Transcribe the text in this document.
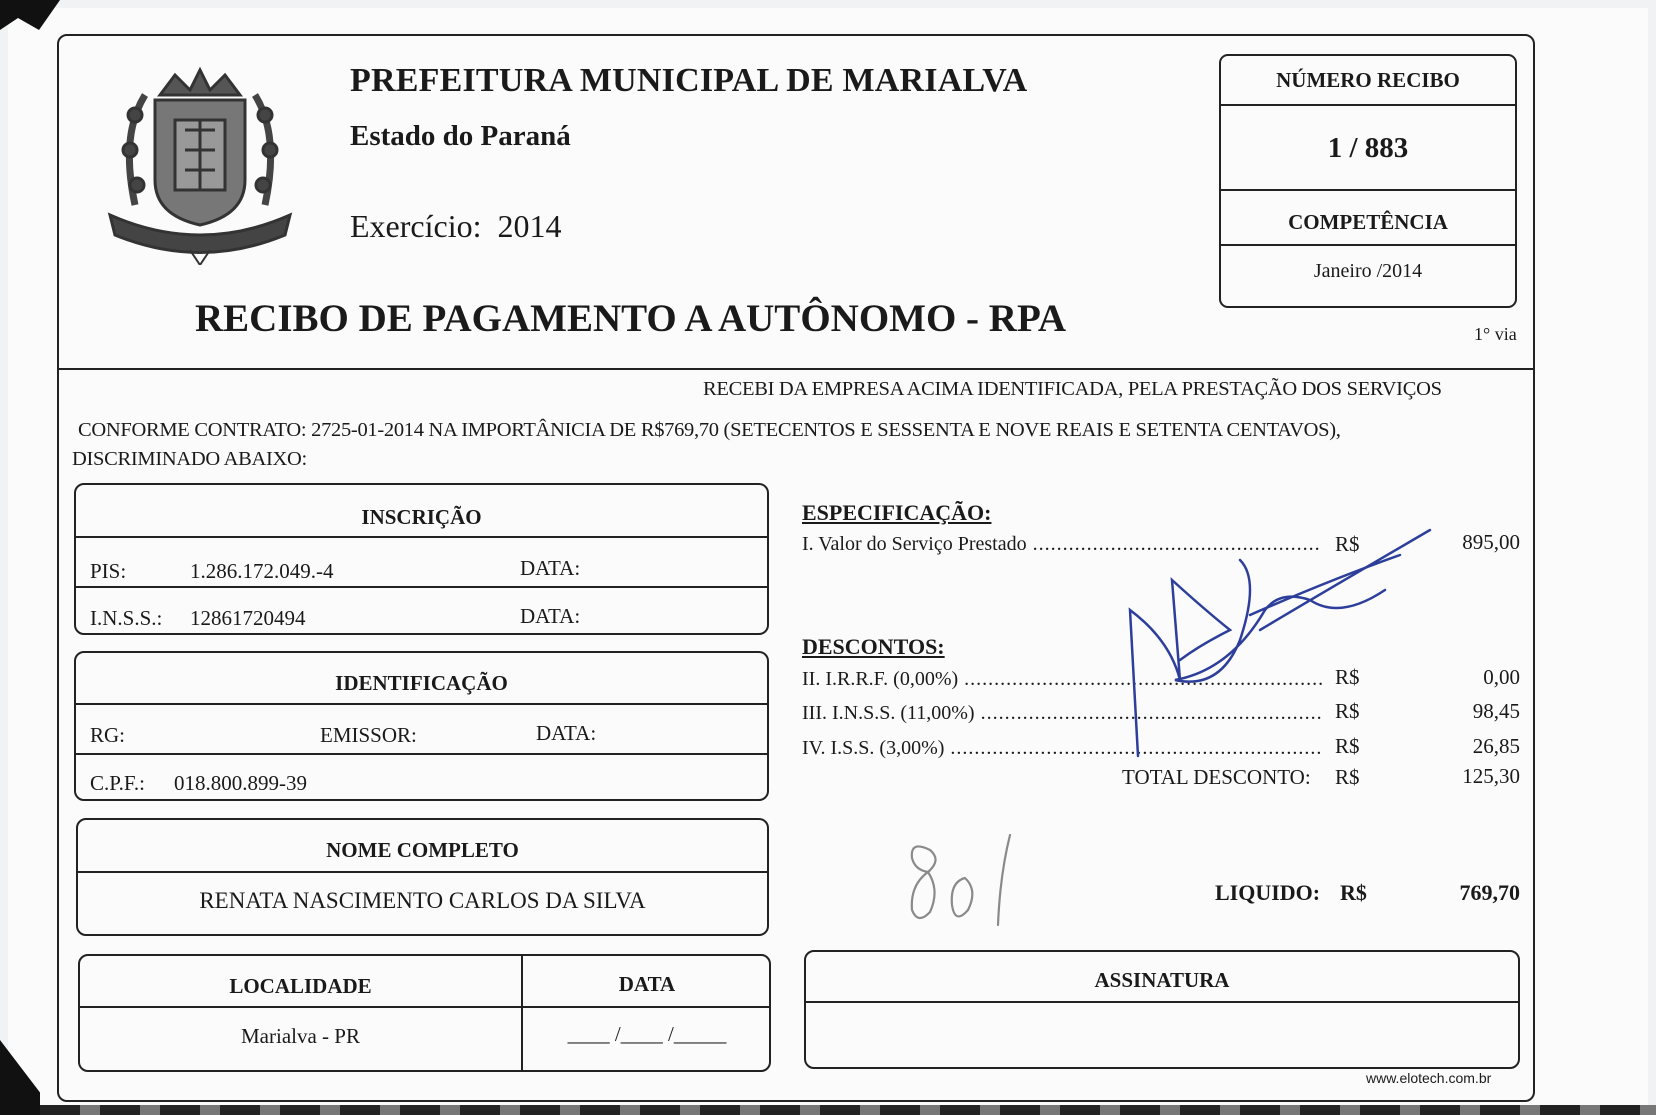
PREFEITURA MUNICIPAL DE MARIALVA
Estado do Paraná
Exercício: 2014
RECIBO DE PAGAMENTO A AUTÔNOMO - RPA
NÚMERO RECIBO
1 / 883
COMPETÊNCIA
Janeiro /2014
1° via
RECEBI DA EMPRESA ACIMA IDENTIFICADA, PELA PRESTAÇÃO DOS SERVIÇOS
CONFORME CONTRATO: 2725-01-2014 NA IMPORTÂNICIA DE R$769,70 (SETECENTOS E SESSENTA E NOVE REAIS E SETENTA CENTAVOS),
DISCRIMINADO ABAIXO:
INSCRIÇÃO
PIS:	1.286.172.049.-4	DATA:
I.N.S.S.: 12861720494	DATA:
IDENTIFICAÇÃO
RG:	EMISSOR:	DATA:
C.P.F.: 018.800.899-39
NOME COMPLETO
RENATA NASCIMENTO CARLOS DA SILVA
LOCALIDADE
Marialva - PR
DATA
____ /____ /_____
ESPECIFICAÇÃO:
I. Valor do Serviço Prestado .....	R$	895,00
DESCONTOS:
II. I.R.R.F. (0,00%) .....	R$	0,00
III. I.N.S.S. (11,00%) .....	R$	98,45
IV. I.S.S. (3,00%) .....	R$	26,85
TOTAL DESCONTO: R$	125,30
LIQUIDO: R$	769,70
ASSINATURA
www.elotech.com.br
